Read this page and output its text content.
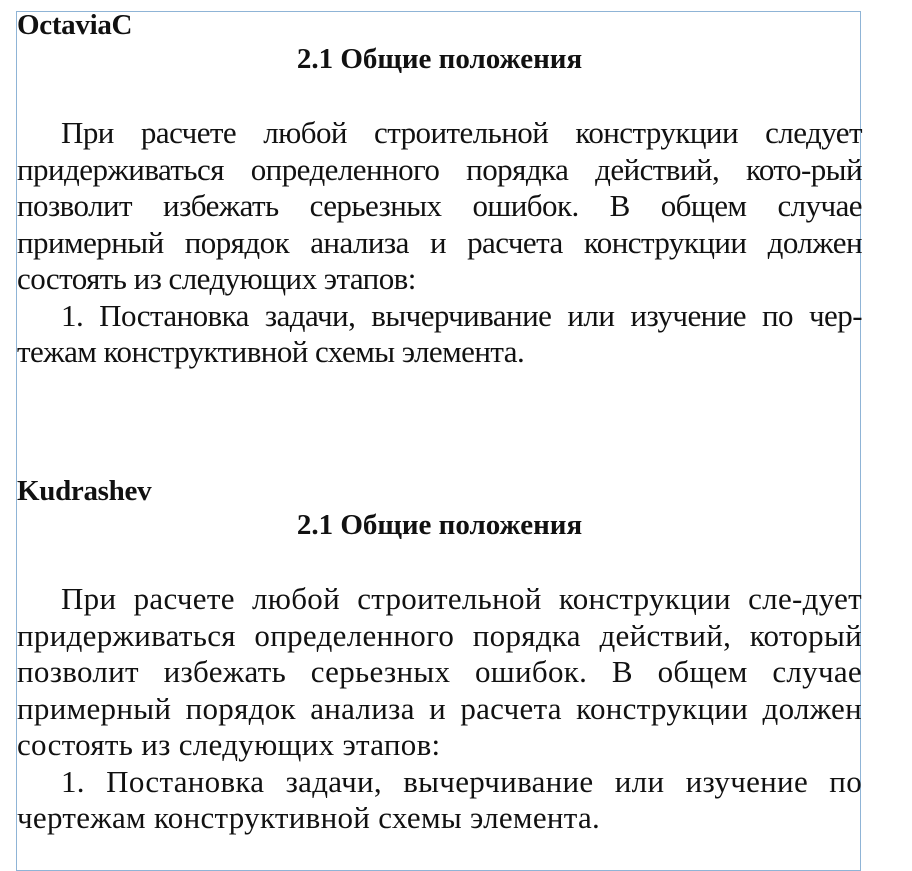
OctaviaC

2.1 Общие положения

При расчете любой строительной конструкции следует придерживаться определенного порядка действий, кото-рый позволит избежать серьезных ошибок. В общем случае примерный порядок анализа и расчета конструкции должен состоять из следующих этапов:

1. Постановка задачи, вычерчивание или изучение по чер-тежам конструктивной схемы элемента.

Kudrashev

2.1 Общие положения

При расчете любой строительной конструкции сле-дует придерживаться определенного порядка действий, который позволит избежать серьезных ошибок. В общем случае примерный порядок анализа и расчета конструкции должен состоять из следующих этапов:

1. Постановка задачи, вычерчивание или изучение по чертежам конструктивной схемы элемента.
